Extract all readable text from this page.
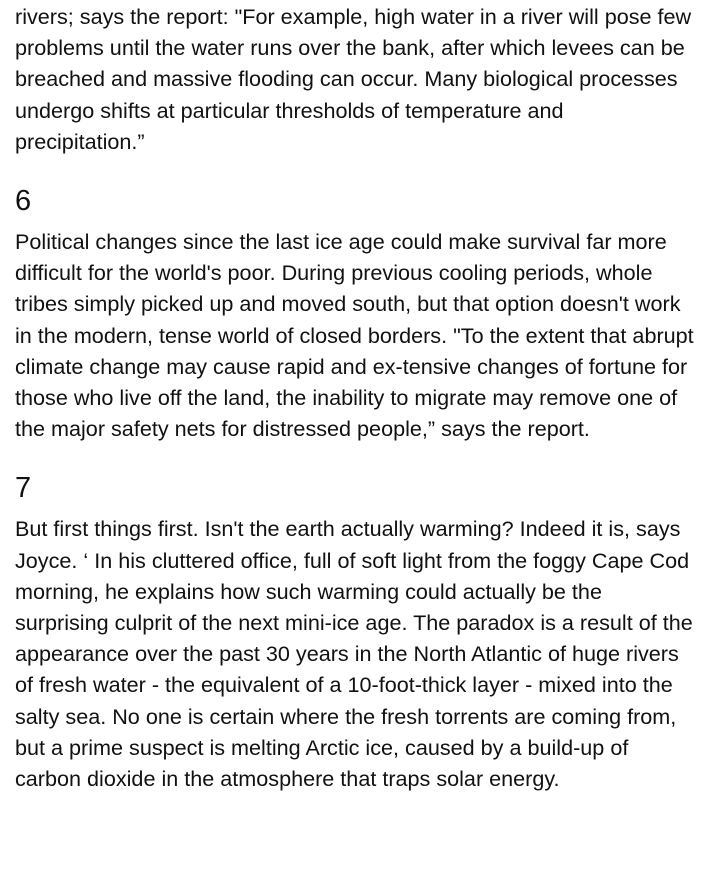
rivers; says the report: "For example, high water in a river will pose few problems until the water runs over the bank, after which levees can be breached and massive flooding can occur. Many biological processes undergo shifts at particular thresholds of temperature and precipitation.”

6

Political changes since the last ice age could make survival far more difficult for the world's poor. During previous cooling periods, whole tribes simply picked up and moved south, but that option doesn't work in the modern, tense world of closed borders. "To the extent that abrupt climate change may cause rapid and ex-tensive changes of fortune for those who live off the land, the inability to migrate may remove one of the major safety nets for distressed people,” says the report.

7

But first things first. Isn't the earth actually warming? Indeed it is, says Joyce. ‘ In his cluttered office, full of soft light from the foggy Cape Cod morning, he explains how such warming could actually be the surprising culprit of the next mini-ice age. The paradox is a result of the appearance over the past 30 years in the North Atlantic of huge rivers of fresh water - the equivalent of a 10-foot-thick layer - mixed into the salty sea. No one is certain where the fresh torrents are coming from, but a prime suspect is melting Arctic ice, caused by a build-up of carbon dioxide in the atmosphere that traps solar energy.
